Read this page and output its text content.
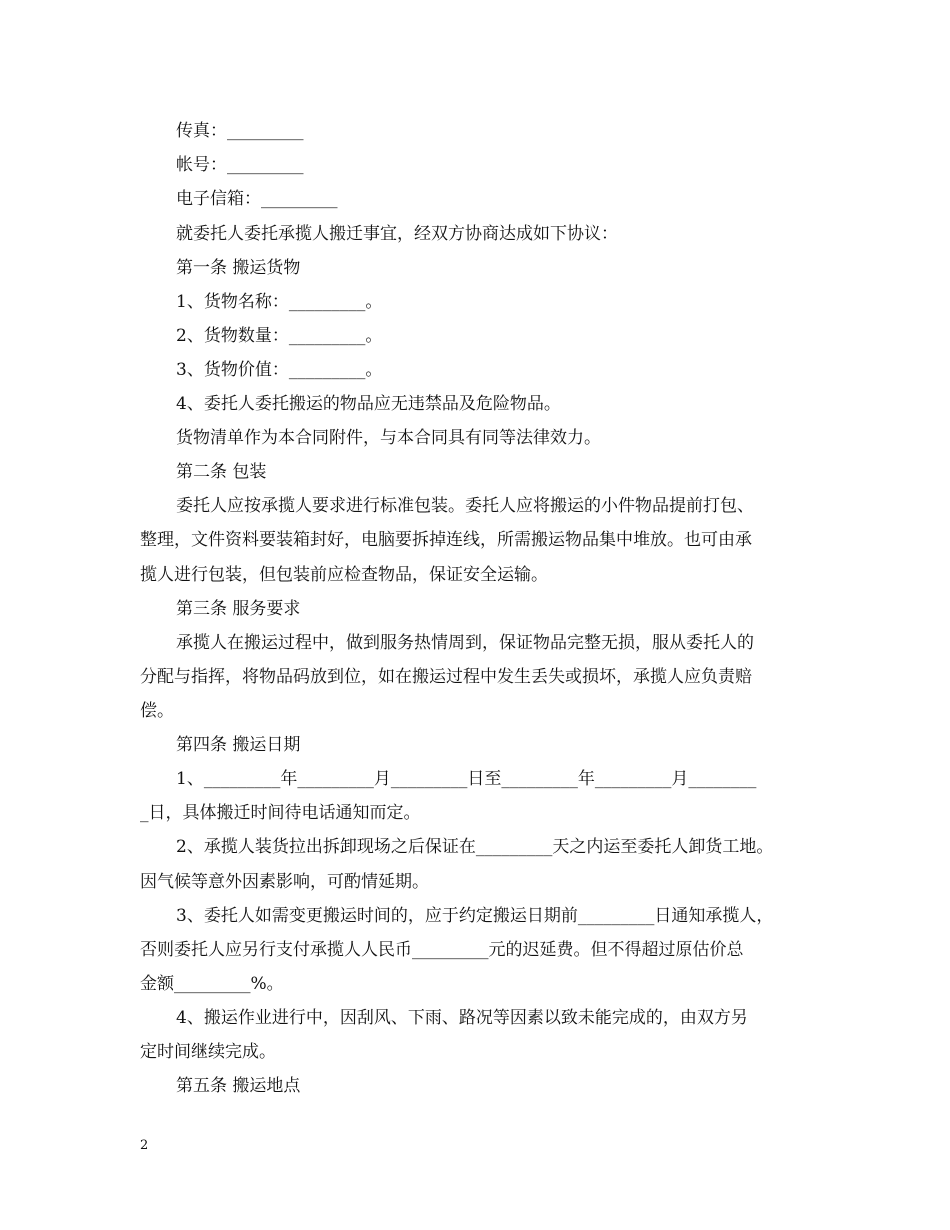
传真：_________
帐号：_________
电子信箱：_________
就委托人委托承揽人搬迁事宜，经双方协商达成如下协议：
第一条 搬运货物
1、货物名称：_________。
2、货物数量：_________。
3、货物价值：_________。
4、委托人委托搬运的物品应无违禁品及危险物品。
货物清单作为本合同附件，与本合同具有同等法律效力。
第二条 包装
委托人应按承揽人要求进行标准包装。委托人应将搬运的小件物品提前打包、
整理，文件资料要装箱封好，电脑要拆掉连线，所需搬运物品集中堆放。也可由承
揽人进行包装，但包装前应检查物品，保证安全运输。
第三条 服务要求
承揽人在搬运过程中，做到服务热情周到，保证物品完整无损，服从委托人的
分配与指挥，将物品码放到位，如在搬运过程中发生丢失或损坏，承揽人应负责赔
偿。
第四条 搬运日期
1、_________年_________月_________日至_________年_________月________
_日，具体搬迁时间待电话通知而定。
2、承揽人装货拉出拆卸现场之后保证在_________天之内运至委托人卸货工地。
因气候等意外因素影响，可酌情延期。
3、委托人如需变更搬运时间的，应于约定搬运日期前_________日通知承揽人，
否则委托人应另行支付承揽人人民币_________元的迟延费。但不得超过原估价总
金额_________%。
4、搬运作业进行中，因刮风、下雨、路况等因素以致未能完成的，由双方另
定时间继续完成。
第五条 搬运地点
2
